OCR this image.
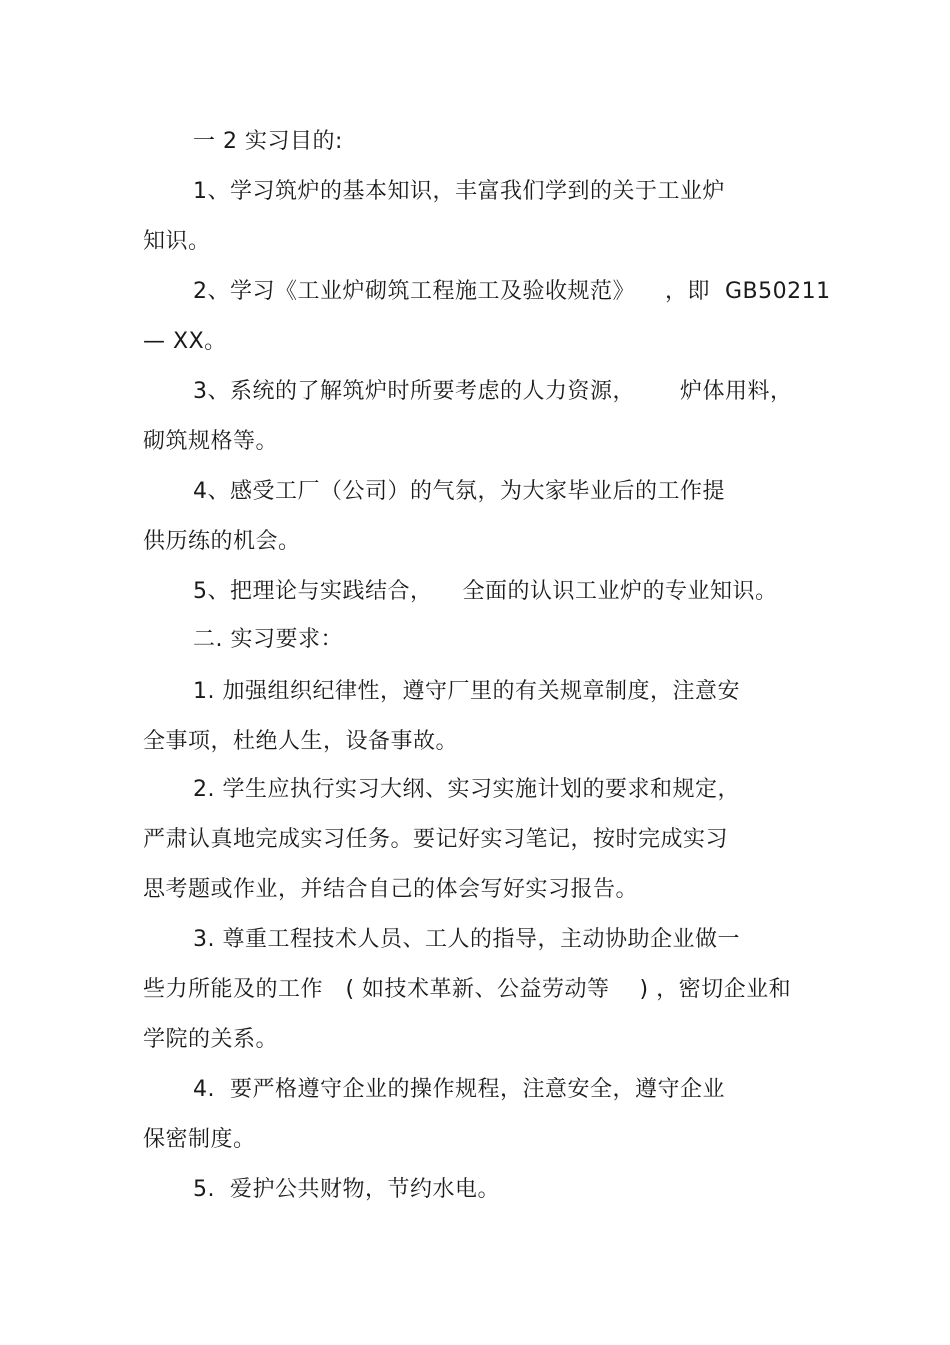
一 2 实习目的:
1、学习筑炉的基本知识，丰富我们学到的关于工业炉
知识。
2、学习《工业炉砌筑工程施工及验收规范》    ，即  GB50211
— XX。
3、系统的了解筑炉时所要考虑的人力资源，      炉体用料，
砌筑规格等。
4、感受工厂（公司）的气氛，为大家毕业后的工作提
供历练的机会。
5、把理论与实践结合，    全面的认识工业炉的专业知识。
二. 实习要求：
1. 加强组织纪律性，遵守厂里的有关规章制度，注意安
全事项，杜绝人生，设备事故。
2. 学生应执行实习大纲、实习实施计划的要求和规定，
严肃认真地完成实习任务。要记好实习笔记，按时完成实习
思考题或作业，并结合自己的体会写好实习报告。
3. 尊重工程技术人员、工人的指导，主动协助企业做一
些力所能及的工作   ( 如技术革新、公益劳动等    ) ，密切企业和
学院的关系。
4.  要严格遵守企业的操作规程，注意安全，遵守企业
保密制度。
5.  爱护公共财物，节约水电。
